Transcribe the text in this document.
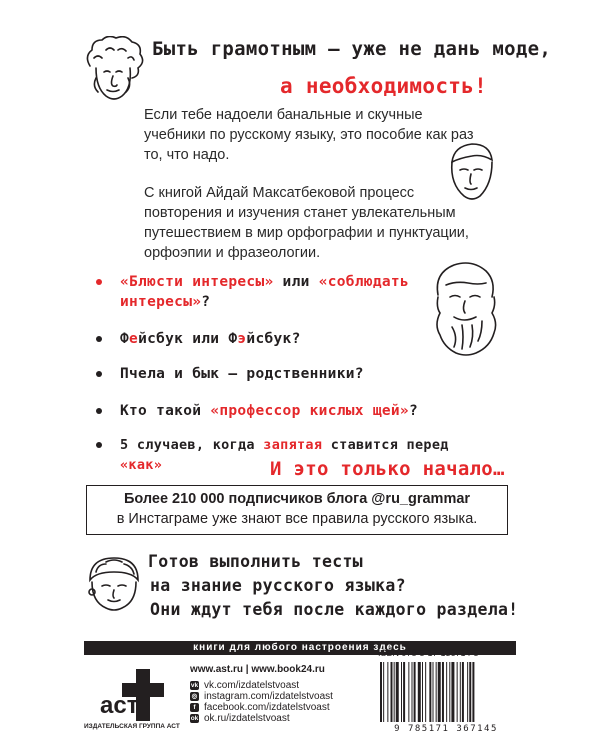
Быть грамотным — уже не дань моде,
а необходимость!
Если тебе надоели банальные и скучные учебники по русскому языку, это пособие как раз то, что надо.
С книгой Айдай Максатбековой процесс повторения и изучения станет увлекательным путешествием в мир орфографии и пунктуации, орфоэпии и фразеологии.
«Блюсти интересы» или «соблюдать интересы»?
Фейсбук или Фэйсбук?
Пчела и бык — родственники?
Кто такой «профессор кислых щей»?
5 случаев, когда запятая ставится перед «как»	И это только начало…
Более 210 000 подписчиков блога @ru_grammar
в Инстаграме уже знают все правила русского языка.
Готов выполнить тесты
на знание русского языка?
Они ждут тебя после каждого раздела!
книги для любого настроения здесь
аст
ИЗДАТЕЛЬСКАЯ ГРУППА АСТ
www.ast.ru | www.book24.ru
vk vk.com/izdatelstvoast
◎ instagram.com/izdatelstvoast
f facebook.com/izdatelstvoast
ok ok.ru/izdatelstvoast
ISBN 978-5-17-136714-5
9 785171 367145
